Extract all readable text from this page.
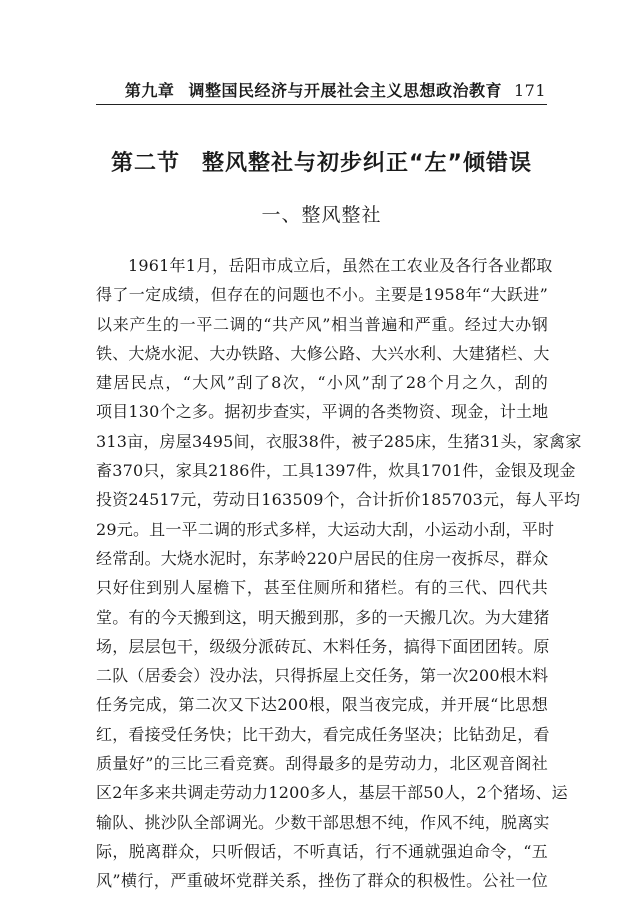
第九章 调整国民经济与开展社会主义思想政治教育 171
第二节 整风整社与初步纠正“左”倾错误
一、整风整社
1961年1月，岳阳市成立后，虽然在工农业及各行各业都取
得了一定成绩，但存在的问题也不小。主要是1958年“大跃进”
以来产生的一平二调的“共产风”相当普遍和严重。经过大办钢
铁、大烧水泥、大办铁路、大修公路、大兴水利、大建猪栏、大
建居民点，“大风”刮了8次，“小风”刮了28个月之久，刮的
项目130个之多。据初步查实，平调的各类物资、现金，计土地
313亩，房屋3495间，衣服38件，被子285床，生猪31头，家禽家
畜370只，家具2186件，工具1397件，炊具1701件，金银及现金
投资24517元，劳动日163509个，合计折价185703元，每人平均
29元。且一平二调的形式多样，大运动大刮，小运动小刮，平时
经常刮。大烧水泥时，东茅岭220户居民的住房一夜拆尽，群众
只好住到别人屋檐下，甚至住厕所和猪栏。有的三代、四代共
堂。有的今天搬到这，明天搬到那，多的一天搬几次。为大建猪
场，层层包干，级级分派砖瓦、木料任务，搞得下面团团转。原
二队（居委会）没办法，只得拆屋上交任务，第一次200根木料
任务完成，第二次又下达200根，限当夜完成，并开展“比思想
红，看接受任务快；比干劲大，看完成任务坚决；比钻劲足，看
质量好”的三比三看竞赛。刮得最多的是劳动力，北区观音阁社
区2年多来共调走劳动力1200多人，基层干部50人，2个猪场、运
输队、挑沙队全部调光。少数干部思想不纯，作风不纯，脱离实
际，脱离群众，只听假话，不听真话，行不通就强迫命令，“五
风”横行，严重破坏党群关系，挫伤了群众的积极性。公社一位
